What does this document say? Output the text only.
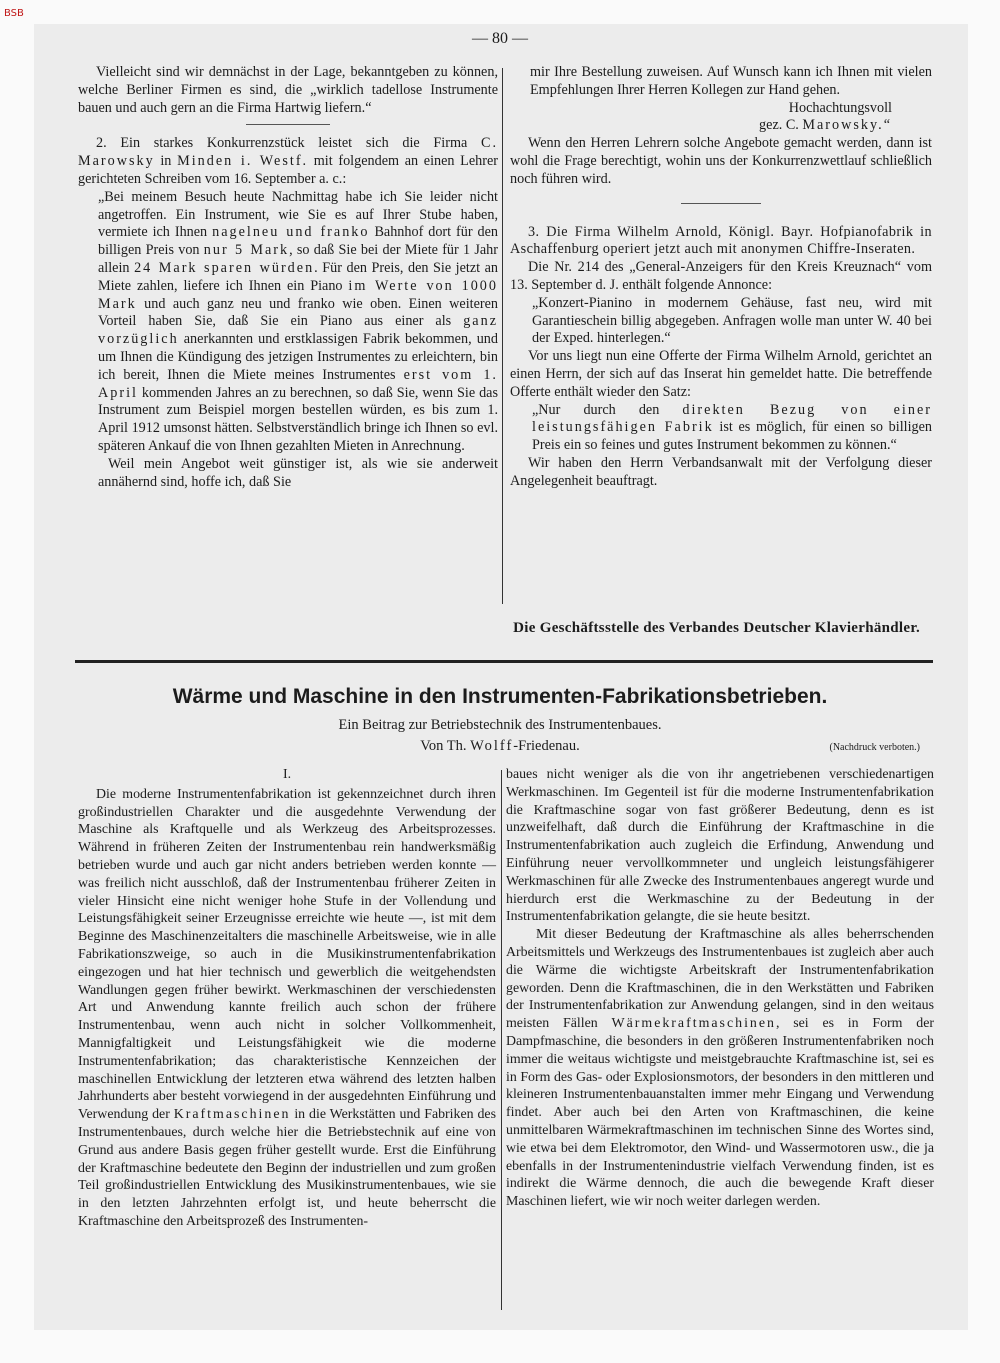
BSB
— 80 —

Vielleicht sind wir demnächst in der Lage, bekanntgeben zu können, welche Berliner Firmen es sind, die „wirklich tadellose Instrumente bauen und auch gern an die Firma Hartwig liefern.“

2. Ein starkes Konkurrenzstück leistet sich die Firma C. Marowsky in Minden i. Westf. mit folgendem an einen Lehrer gerichteten Schreiben vom 16. September a. c.:

„Bei meinem Besuch heute Nachmittag habe ich Sie leider nicht angetroffen. Ein Instrument, wie Sie es auf Ihrer Stube haben, vermiete ich Ihnen nagelneu und franko Bahnhof dort für den billigen Preis von nur 5 Mark, so daß Sie bei der Miete für 1 Jahr allein 24 Mark sparen würden. Für den Preis, den Sie jetzt an Miete zahlen, liefere ich Ihnen ein Piano im Werte von 1000 Mark und auch ganz neu und franko wie oben. Einen weiteren Vorteil haben Sie, daß Sie ein Piano aus einer als ganz vorzüglich anerkannten und erstklassigen Fabrik bekommen, und um Ihnen die Kündigung des jetzigen Instrumentes zu erleichtern, bin ich bereit, Ihnen die Miete meines Instrumentes erst vom 1. April kommenden Jahres an zu berechnen, so daß Sie, wenn Sie das Instrument zum Beispiel morgen bestellen würden, es bis zum 1. April 1912 umsonst hätten. Selbstverständlich bringe ich Ihnen so evl. späteren Ankauf die von Ihnen gezahlten Mieten in Anrechnung.

Weil mein Angebot weit günstiger ist, als wie sie anderweit annähernd sind, hoffe ich, daß Sie

mir Ihre Bestellung zuweisen. Auf Wunsch kann ich Ihnen mit vielen Empfehlungen Ihrer Herren Kollegen zur Hand gehen.

Hochachtungsvoll

gez. C. Marowsky.“

Wenn den Herren Lehrern solche Angebote gemacht werden, dann ist wohl die Frage berechtigt, wohin uns der Konkurrenzwettlauf schließlich noch führen wird.

3. Die Firma Wilhelm Arnold, Königl. Bayr. Hofpianofabrik in Aschaffenburg operiert jetzt auch mit anonymen Chiffre-Inseraten.

Die Nr. 214 des „General-Anzeigers für den Kreis Kreuznach“ vom 13. September d. J. enthält folgende Annonce:

„Konzert-Pianino in modernem Gehäuse, fast neu, wird mit Garantieschein billig abgegeben. Anfragen wolle man unter W. 40 bei der Exped. hinterlegen.“

Vor uns liegt nun eine Offerte der Firma Wilhelm Arnold, gerichtet an einen Herrn, der sich auf das Inserat hin gemeldet hatte. Die betreffende Offerte enthält wieder den Satz:

„Nur durch den direkten Bezug von einer leistungsfähigen Fabrik ist es möglich, für einen so billigen Preis ein so feines und gutes Instrument bekommen zu können.“

Wir haben den Herrn Verbandsanwalt mit der Verfolgung dieser Angelegenheit beauftragt.

Die Geschäftsstelle des Verbandes Deutscher Klavierhändler.
Wärme und Maschine in den Instrumenten-Fabrikationsbetrieben.
Ein Beitrag zur Betriebstechnik des Instrumentenbaues.
Von Th. Wolff-Friedenau.	(Nachdruck verboten.)

I.

Die moderne Instrumentenfabrikation ist gekennzeichnet durch ihren großindustriellen Charakter und die ausgedehnte Verwendung der Maschine als Kraftquelle und als Werkzeug des Arbeitsprozesses. Während in früheren Zeiten der Instrumentenbau rein handwerksmäßig betrieben wurde und auch gar nicht anders betrieben werden konnte — was freilich nicht ausschloß, daß der Instrumentenbau früherer Zeiten in vieler Hinsicht eine nicht weniger hohe Stufe in der Vollendung und Leistungsfähigkeit seiner Erzeugnisse erreichte wie heute —, ist mit dem Beginne des Maschinenzeitalters die maschinelle Arbeitsweise, wie in alle Fabrikationszweige, so auch in die Musikinstrumentenfabrikation eingezogen und hat hier technisch und gewerblich die weitgehendsten Wandlungen gegen früher bewirkt. Werkmaschinen der verschiedensten Art und Anwendung kannte freilich auch schon der frühere Instrumentenbau, wenn auch nicht in solcher Vollkommenheit, Mannigfaltigkeit und Leistungsfähigkeit wie die moderne Instrumentenfabrikation; das charakteristische Kennzeichen der maschinellen Entwicklung der letzteren etwa während des letzten halben Jahrhunderts aber besteht vorwiegend in der ausgedehnten Einführung und Verwendung der Kraftmaschinen in die Werkstätten und Fabriken des Instrumentenbaues, durch welche hier die Betriebstechnik auf eine von Grund aus andere Basis gegen früher gestellt wurde. Erst die Einführung der Kraftmaschine bedeutete den Beginn der industriellen und zum großen Teil großindustriellen Entwicklung des Musikinstrumentenbaues, wie sie in den letzten Jahrzehnten erfolgt ist, und heute beherrscht die Kraftmaschine den Arbeitsprozeß des Instrumenten-

baues nicht weniger als die von ihr angetriebenen verschiedenartigen Werkmaschinen. Im Gegenteil ist für die moderne Instrumentenfabrikation die Kraftmaschine sogar von fast größerer Bedeutung, denn es ist unzweifelhaft, daß durch die Einführung der Kraftmaschine in die Instrumentenfabrikation auch zugleich die Erfindung, Anwendung und Einführung neuer vervollkommneter und ungleich leistungsfähigerer Werkmaschinen für alle Zwecke des Instrumentenbaues angeregt wurde und hierdurch erst die Werkmaschine zu der Bedeutung in der Instrumentenfabrikation gelangte, die sie heute besitzt.

Mit dieser Bedeutung der Kraftmaschine als alles beherrschenden Arbeitsmittels und Werkzeugs des Instrumentenbaues ist zugleich aber auch die Wärme die wichtigste Arbeitskraft der Instrumentenfabrikation geworden. Denn die Kraftmaschinen, die in den Werkstätten und Fabriken der Instrumentenfabrikation zur Anwendung gelangen, sind in den weitaus meisten Fällen Wärmekraftmaschinen, sei es in Form der Dampfmaschine, die besonders in den größeren Instrumentenfabriken noch immer die weitaus wichtigste und meistgebrauchte Kraftmaschine ist, sei es in Form des Gas- oder Explosionsmotors, der besonders in den mittleren und kleineren Instrumentenbauanstalten immer mehr Eingang und Verwendung findet. Aber auch bei den Arten von Kraftmaschinen, die keine unmittelbaren Wärmekraftmaschinen im technischen Sinne des Wortes sind, wie etwa bei dem Elektromotor, den Wind- und Wassermotoren usw., die ja ebenfalls in der Instrumentenindustrie vielfach Verwendung finden, ist es indirekt die Wärme dennoch, die auch die bewegende Kraft dieser Maschinen liefert, wie wir noch weiter darlegen werden.
